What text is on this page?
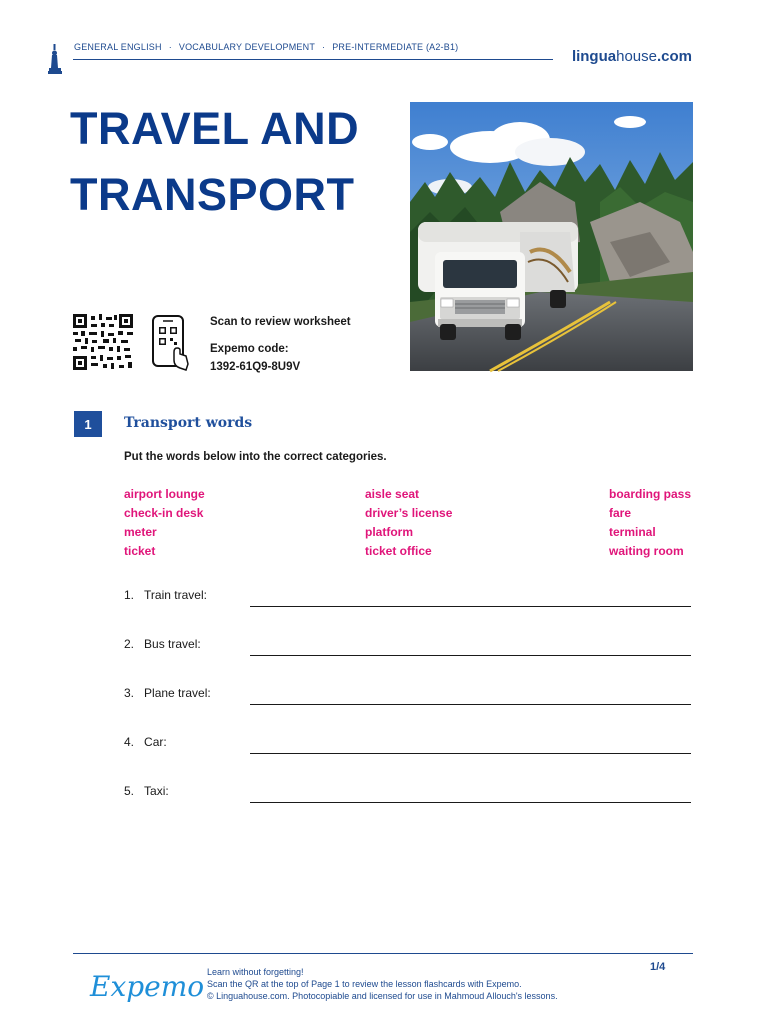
GENERAL ENGLISH · VOCABULARY DEVELOPMENT · PRE-INTERMEDIATE (A2-B1)
linguahouse.com
TRAVEL AND
TRANSPORT
Scan to review worksheet
Expemo code:
1392-61Q9-8U9V
1	Transport words
Put the words below into the correct categories.
airport lounge
check-in desk
meter
ticket
aisle seat
driver’s license
platform
ticket office
boarding pass
fare
terminal
waiting room
1. Train travel:
2. Bus travel:
3. Plane travel:
4. Car:
5. Taxi:
Expemo Learn without forgetting!
Scan the QR at the top of Page 1 to review the lesson flashcards with Expemo.
© Linguahouse.com. Photocopiable and licensed for use in Mahmoud Allouch's lessons.
1/4
